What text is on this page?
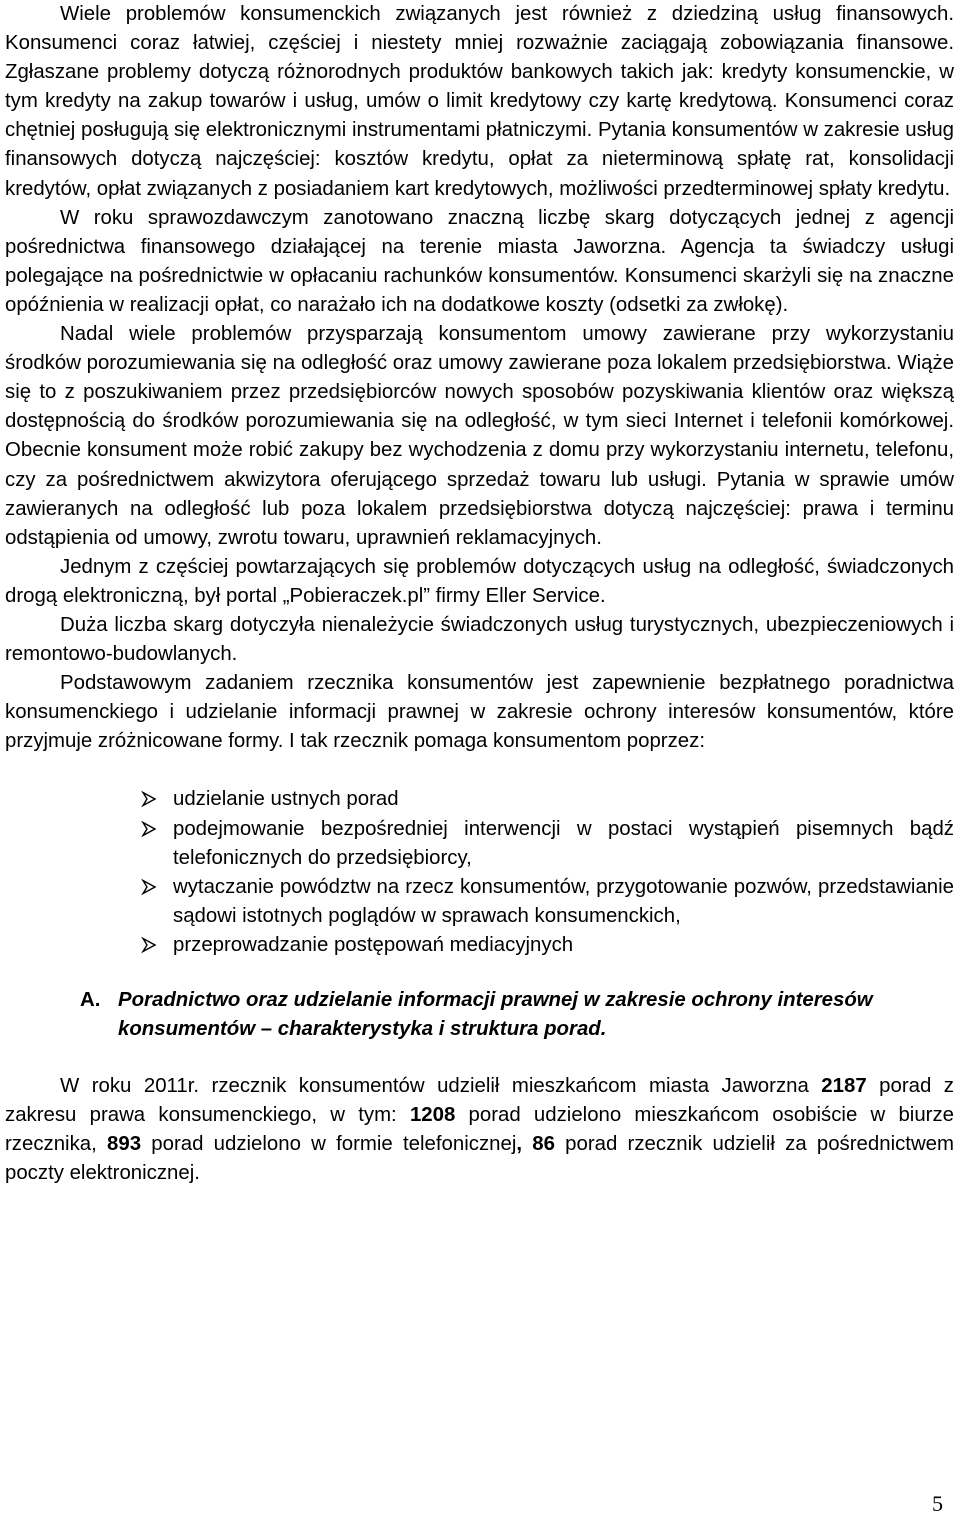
Wiele problemów konsumenckich związanych jest również z dziedziną usług finansowych. Konsumenci coraz łatwiej, częściej i niestety mniej rozważnie zaciągają zobowiązania finansowe. Zgłaszane problemy dotyczą różnorodnych produktów bankowych takich jak: kredyty konsumenckie, w tym kredyty na zakup towarów i usług, umów o limit kredytowy czy kartę kredytową. Konsumenci coraz chętniej posługują się elektronicznymi instrumentami płatniczymi. Pytania konsumentów w zakresie usług finansowych dotyczą najczęściej: kosztów kredytu, opłat za nieterminową spłatę rat, konsolidacji kredytów, opłat związanych z posiadaniem kart kredytowych, możliwości przedterminowej spłaty kredytu.

W roku sprawozdawczym zanotowano znaczną liczbę skarg dotyczących jednej z agencji pośrednictwa finansowego działającej na terenie miasta Jaworzna. Agencja ta świadczy usługi polegające na pośrednictwie w opłacaniu rachunków konsumentów. Konsumenci skarżyli się na znaczne opóźnienia w realizacji opłat, co narażało ich na dodatkowe koszty (odsetki za zwłokę).

Nadal wiele problemów przysparzają konsumentom umowy zawierane przy wykorzystaniu środków porozumiewania się na odległość oraz umowy zawierane poza lokalem przedsiębiorstwa. Wiąże się to z poszukiwaniem przez przedsiębiorców nowych sposobów pozyskiwania klientów oraz większą dostępnością do środków porozumiewania się na odległość, w tym sieci Internet i telefonii komórkowej. Obecnie konsument może robić zakupy bez wychodzenia z domu przy wykorzystaniu internetu, telefonu, czy za pośrednictwem akwizytora oferującego sprzedaż towaru lub usługi. Pytania w sprawie umów zawieranych na odległość lub poza lokalem przedsiębiorstwa dotyczą najczęściej: prawa i terminu odstąpienia od umowy, zwrotu towaru, uprawnień reklamacyjnych.

Jednym z częściej powtarzających się problemów dotyczących usług na odległość, świadczonych drogą elektroniczną, był portal „Pobieraczek.pl” firmy Eller Service.

Duża liczba skarg dotyczyła nienależycie świadczonych usług turystycznych, ubezpieczeniowych i remontowo-budowlanych.

Podstawowym zadaniem rzecznika konsumentów jest zapewnienie bezpłatnego poradnictwa konsumenckiego i udzielanie informacji prawnej w zakresie ochrony interesów konsumentów, które przyjmuje zróżnicowane formy. I tak rzecznik pomaga konsumentom poprzez:

udzielanie ustnych porad
podejmowanie bezpośredniej interwencji w postaci wystąpień pisemnych bądź telefonicznych do przedsiębiorcy,
wytaczanie powództw na rzecz konsumentów, przygotowanie pozwów, przedstawianie sądowi istotnych poglądów w sprawach konsumenckich,
przeprowadzanie postępowań mediacyjnych
A. Poradnictwo oraz udzielanie informacji prawnej w zakresie ochrony interesów konsumentów – charakterystyka i struktura porad.

W roku 2011r. rzecznik konsumentów udzielił mieszkańcom miasta Jaworzna 2187 porad z zakresu prawa konsumenckiego, w tym: 1208 porad udzielono mieszkańcom osobiście w biurze rzecznika, 893 porad udzielono w formie telefonicznej, 86 porad rzecznik udzielił za pośrednictwem poczty elektronicznej.

5
